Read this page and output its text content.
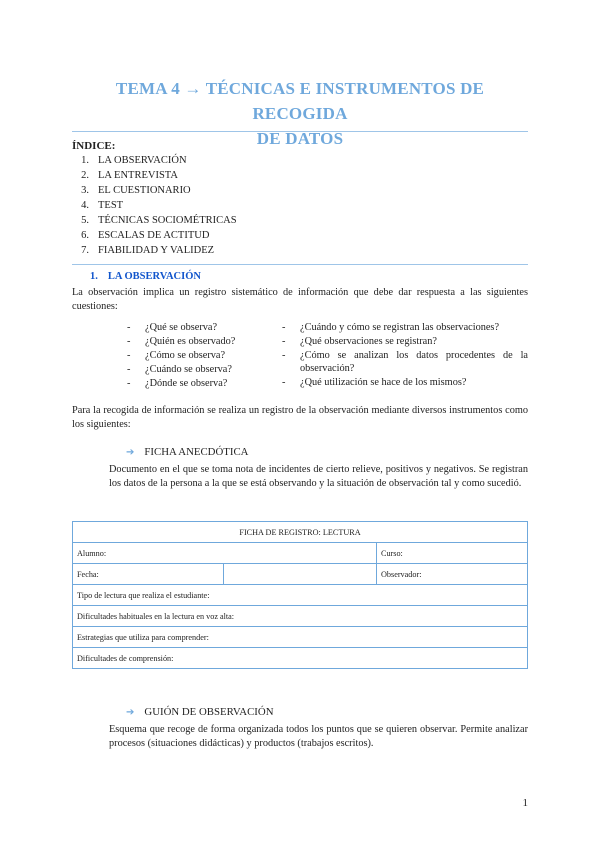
TEMA 4 → TÉCNICAS E INSTRUMENTOS DE RECOGIDA
DE DATOS
ÍNDICE:
1. LA OBSERVACIÓN
2. LA ENTREVISTA
3. EL CUESTIONARIO
4. TEST
5. TÉCNICAS SOCIOMÉTRICAS
6. ESCALAS DE ACTITUD
7. FIABILIDAD Y VALIDEZ
1. LA OBSERVACIÓN
La observación implica un registro sistemático de información que debe dar respuesta a las siguientes cuestiones:
- ¿Qué se observa?
- ¿Quién es observado?
- ¿Cómo se observa?
- ¿Cuándo se observa?
- ¿Dónde se observa?
- ¿Cuándo y cómo se registran las observaciones?
- ¿Qué observaciones se registran?
- ¿Cómo se analizan los datos procedentes de la observación?
- ¿Qué utilización se hace de los mismos?
Para la recogida de información se realiza un registro de la observación mediante diversos instrumentos como los siguientes:
➔ FICHA ANECDÓTICA
Documento en el que se toma nota de incidentes de cierto relieve, positivos y negativos. Se registran los datos de la persona a la que se está observando y la situación de observación tal y como sucedió.
FICHA DE REGISTRO: LECTURA		
Alumno:		Curso:
Fecha:		Observador:
Tipo de lectura que realiza el estudiante:		
Dificultades habituales en la lectura en voz alta:		
Estrategias que utiliza para comprender:		
Dificultades de comprensión:		
➔ GUIÓN DE OBSERVACIÓN
Esquema que recoge de forma organizada todos los puntos que se quieren observar. Permite analizar procesos (situaciones didácticas) y productos (trabajos escritos).
1
